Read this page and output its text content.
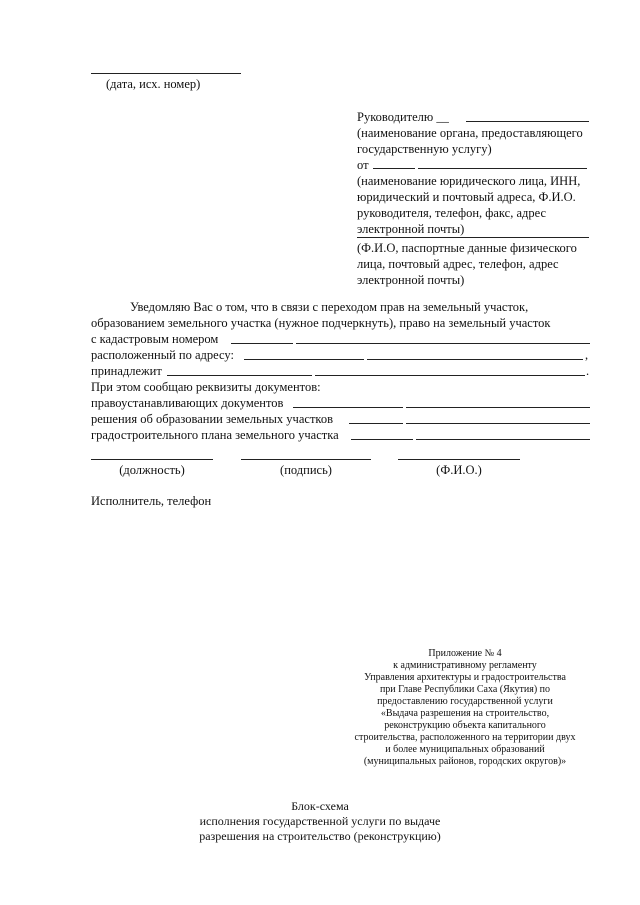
(дата, исх. номер)
Руководителю __
(наименование органа, предоставляющего
государственную услугу)
от
(наименование юридического лица, ИНН,
юридический и почтовый адреса, Ф.И.О.
руководителя, телефон, факс, адрес
электронной почты)
(Ф.И.О, паспортные данные физического
лица, почтовый адрес, телефон, адрес
электронной почты)
Уведомляю Вас о том, что в связи с переходом прав на земельный участок,
образованием земельного участка (нужное подчеркнуть), право на земельный участок
с кадастровым номером
расположенный по адресу:	,
принадлежит	.
При этом сообщаю реквизиты документов:
правоустанавливающих документов
решения об образовании земельных участков
градостроительного плана земельного участка
(должность)	(подпись)	(Ф.И.О.)
Исполнитель, телефон
Приложение № 4
к административному регламенту
Управления архитектуры и градостроительства
при Главе Республики Саха (Якутия) по
предоставлению государственной услуги
«Выдача разрешения на строительство,
реконструкцию объекта капитального
строительства, расположенного на территории двух
и более муниципальных образований
(муниципальных районов, городских округов)»
Блок-схема
исполнения государственной услуги по выдаче
разрешения на строительство (реконструкцию)
